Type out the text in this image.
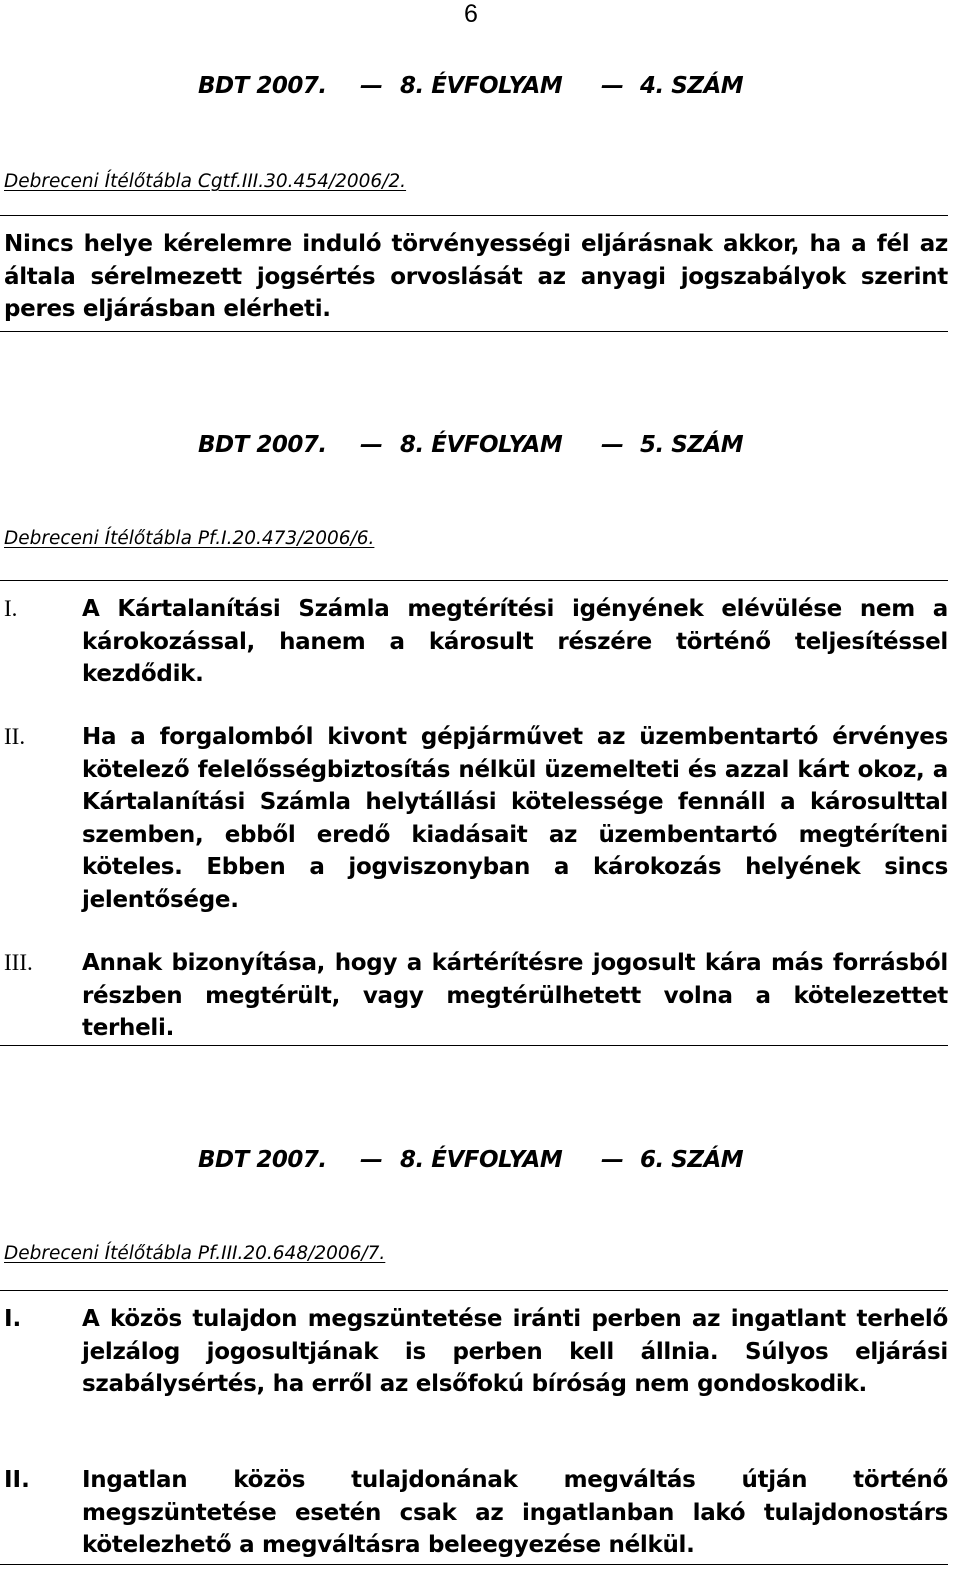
6
BDT 2007. — 8. ÉVFOLYAM — 4. SZÁM
Debreceni Ítélőtábla Cgtf.III.30.454/2006/2.
Nincs helye kérelemre induló törvényességi eljárásnak akkor, ha a fél az általa sérelmezett jogsértés orvoslását az anyagi jogszabályok szerint peres eljárásban elérheti.
BDT 2007. — 8. ÉVFOLYAM — 5. SZÁM
Debreceni Ítélőtábla Pf.I.20.473/2006/6.
I.	A Kártalanítási Számla megtérítési igényének elévülése nem a károkozással, hanem a károsult részére történő teljesítéssel kezdődik.
II. Ha a forgalomból kivont gépjárművet az üzembentartó érvényes kötelező felelősségbiztosítás nélkül üzemelteti és azzal kárt okoz, a Kártalanítási Számla helytállási kötelessége fennáll a károsulttal szemben, ebből eredő kiadásait az üzembentartó megtéríteni köteles. Ebben a jogviszonyban a károkozás helyének sincs jelentősége.
III. Annak bizonyítása, hogy a kártérítésre jogosult kára más forrásból részben megtérült, vagy megtérülhetett volna a kötelezettet terheli.
BDT 2007. — 8. ÉVFOLYAM — 6. SZÁM
Debreceni Ítélőtábla Pf.III.20.648/2006/7.
I.	A közös tulajdon megszüntetése iránti perben az ingatlant terhelő jelzálog jogosultjának is perben kell állnia. Súlyos eljárási szabálysértés, ha erről az elsőfokú bíróság nem gondoskodik.
II. Ingatlan közös tulajdonának megváltás útján történő megszüntetése esetén csak az ingatlanban lakó tulajdonostárs kötelezhető a megváltásra beleegyezése nélkül.
